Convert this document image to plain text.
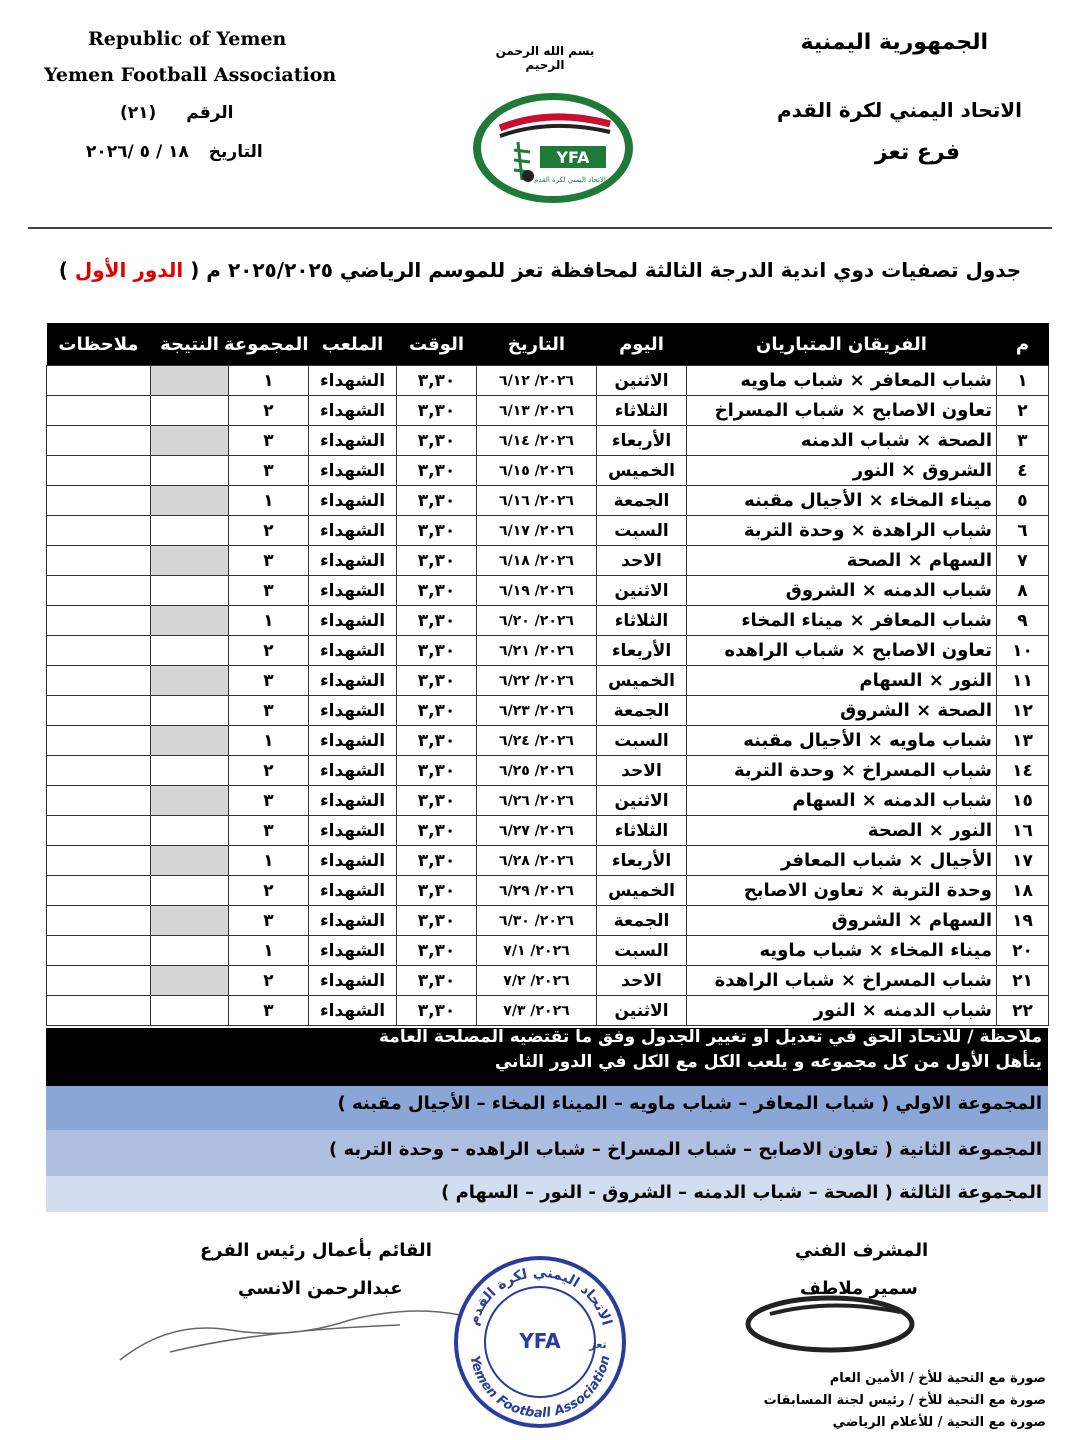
Republic of Yemen
Yemen Football Association
الرقم (٢١)
التاريخ ١٨ / ٥ /٢٠٢٦
بسم الله الرحمن الرحيم
YFA
الاتحاد اليمني لكرة القدم
الجمهورية اليمنية
الاتحاد اليمني لكرة القدم
فرع تعز
جدول تصفيات دوي اندية الدرجة الثالثة لمحافظة تعز للموسم الرياضي ٢٠٢٥/٢٠٢٥ م ( الدور الأول )
م	الفريقان المتباريان	اليوم	التاريخ	الوقت	الملعب	المجموعة	النتيجة	ملاحظات
١	شباب المعافر × شباب ماويه	الاثنين	٢٠٢٦/ ٦/١٢	٣,٣٠	الشهداء	١		
٢	تعاون الاصابح × شباب المسراخ	الثلاثاء	٢٠٢٦/ ٦/١٣	٣,٣٠	الشهداء	٢		
٣	الصحة × شباب الدمنه	الأربعاء	٢٠٢٦/ ٦/١٤	٣,٣٠	الشهداء	٣		
٤	الشروق × النور	الخميس	٢٠٢٦/ ٦/١٥	٣,٣٠	الشهداء	٣		
٥	ميناء المخاء × الأجيال مقبنه	الجمعة	٢٠٢٦/ ٦/١٦	٣,٣٠	الشهداء	١		
٦	شباب الراهدة × وحدة التربة	السبت	٢٠٢٦/ ٦/١٧	٣,٣٠	الشهداء	٢		
٧	السهام × الصحة	الاحد	٢٠٢٦/ ٦/١٨	٣,٣٠	الشهداء	٣		
٨	شباب الدمنه × الشروق	الاثنين	٢٠٢٦/ ٦/١٩	٣,٣٠	الشهداء	٣		
٩	شباب المعافر × ميناء المخاء	الثلاثاء	٢٠٢٦/ ٦/٢٠	٣,٣٠	الشهداء	١		
١٠	تعاون الاصابح × شباب الراهده	الأربعاء	٢٠٢٦/ ٦/٢١	٣,٣٠	الشهداء	٢		
١١	النور × السهام	الخميس	٢٠٢٦/ ٦/٢٢	٣,٣٠	الشهداء	٣		
١٢	الصحة × الشروق	الجمعة	٢٠٢٦/ ٦/٢٣	٣,٣٠	الشهداء	٣		
١٣	شباب ماويه × الأجيال مقبنه	السبت	٢٠٢٦/ ٦/٢٤	٣,٣٠	الشهداء	١		
١٤	شباب المسراخ × وحدة التربة	الاحد	٢٠٢٦/ ٦/٢٥	٣,٣٠	الشهداء	٢		
١٥	شباب الدمنه × السهام	الاثنين	٢٠٢٦/ ٦/٢٦	٣,٣٠	الشهداء	٣		
١٦	النور × الصحة	الثلاثاء	٢٠٢٦/ ٦/٢٧	٣,٣٠	الشهداء	٣		
١٧	الأجيال × شباب المعافر	الأربعاء	٢٠٢٦/ ٦/٢٨	٣,٣٠	الشهداء	١		
١٨	وحدة التربة × تعاون الاصابح	الخميس	٢٠٢٦/ ٦/٢٩	٣,٣٠	الشهداء	٢		
١٩	السهام × الشروق	الجمعة	٢٠٢٦/ ٦/٣٠	٣,٣٠	الشهداء	٣		
٢٠	ميناء المخاء × شباب ماويه	السبت	٢٠٢٦/ ٧/١	٣,٣٠	الشهداء	١		
٢١	شباب المسراخ × شباب الراهدة	الاحد	٢٠٢٦/ ٧/٢	٣,٣٠	الشهداء	٢		
٢٢	شباب الدمنه × النور	الاثنين	٢٠٢٦/ ٧/٣	٣,٣٠	الشهداء	٣		
ملاحظة / للاتحاد الحق في تعديل او تغيير الجدول وفق ما تقتضيه المصلحة العامة
يتأهل الأول من كل مجموعه و يلعب الكل مع الكل في الدور الثاني
المجموعة الاولي ( شباب المعافر – شباب ماويه – الميناء المخاء – الأجيال مقبنه )
المجموعة الثانية ( تعاون الاصابح – شباب المسراخ – شباب الراهده – وحدة التربه )
المجموعة الثالثة ( الصحة – شباب الدمنه – الشروق - النور – السهام )
القائم بأعمال رئيس الفرع
عبدالرحمن الانسي
المشرف الفني
سمير ملاطف
الاتحاد اليمني لكرة القدم
Yemen Football Association
YFA	تعز
صورة مع التحية للأخ / الأمين العام
صورة مع التحية للأخ / رئيس لجنة المسابقات
صورة مع التحية / للأعلام الرياضي
